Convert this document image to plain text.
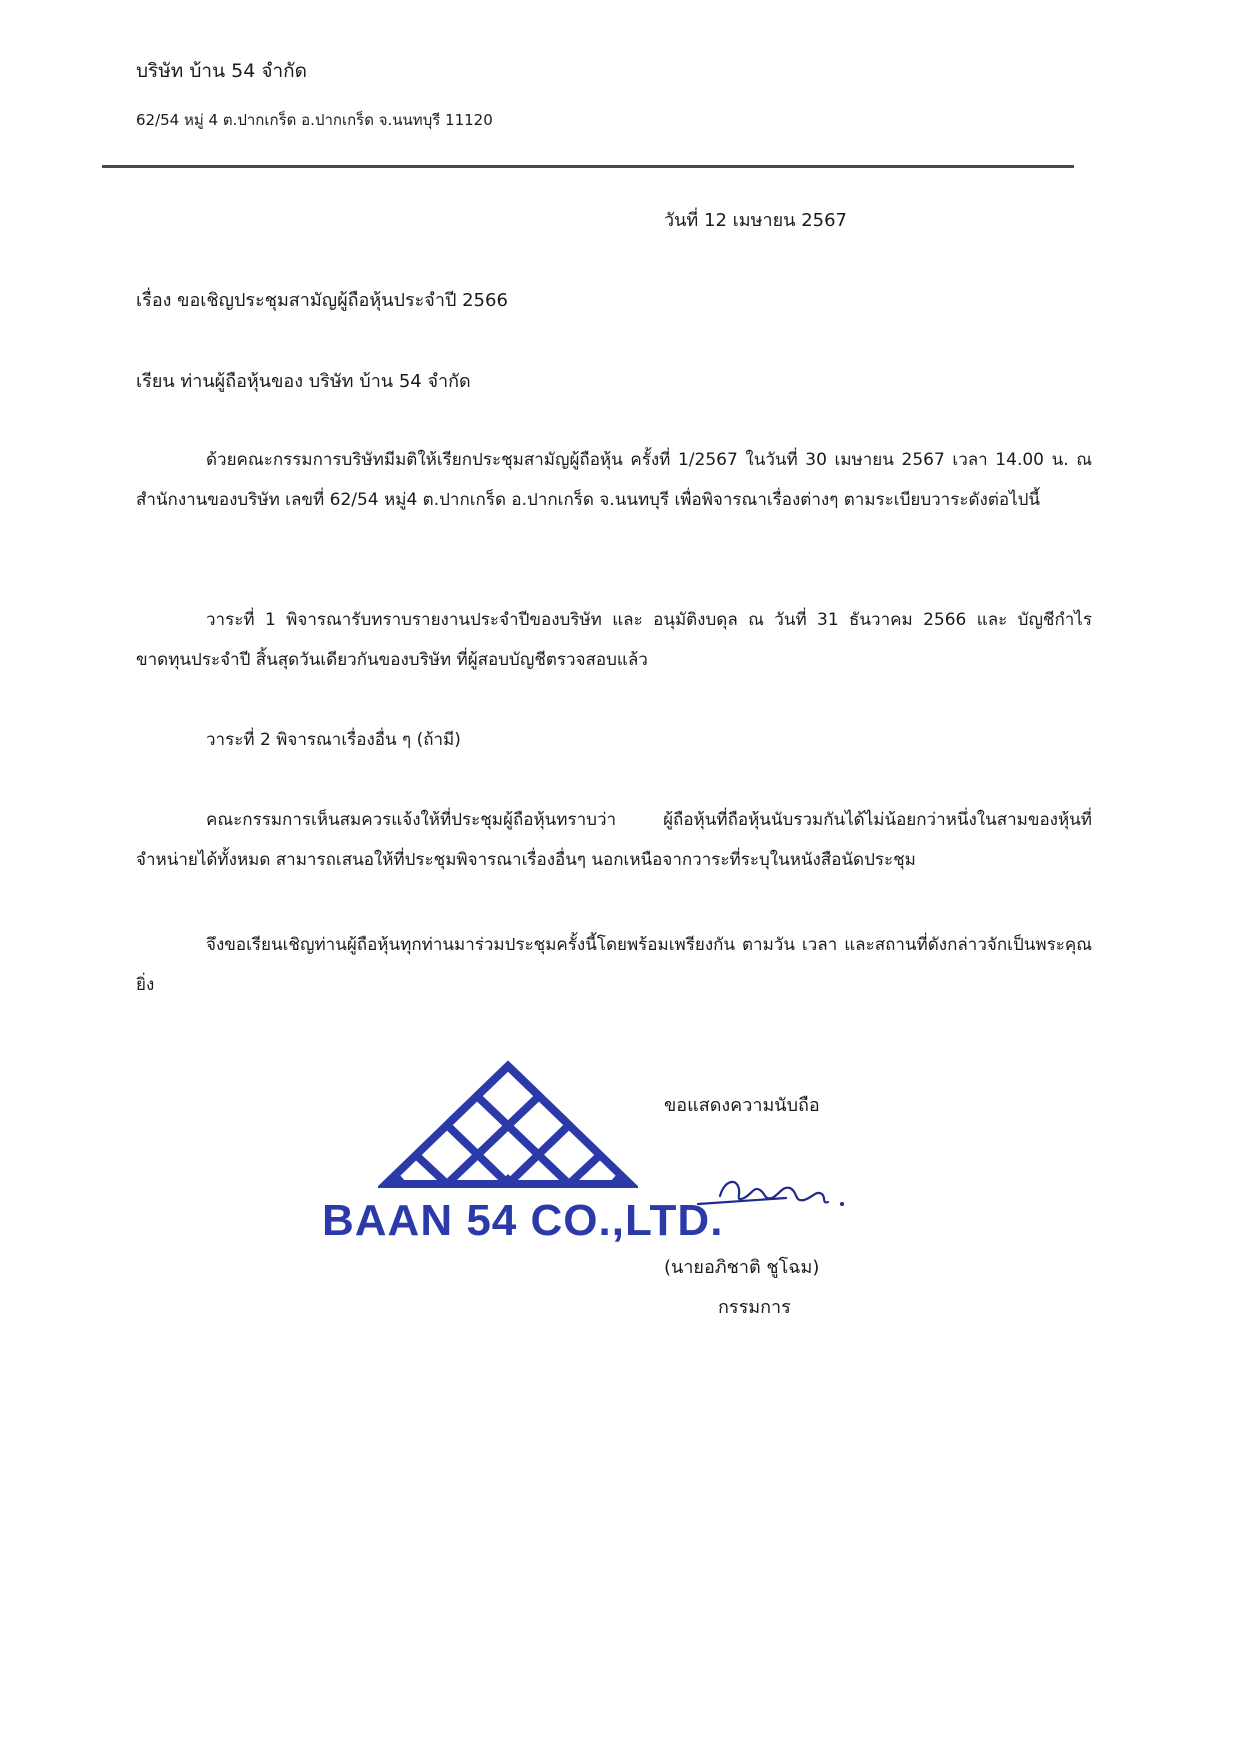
บริษัท บ้าน 54 จำกัด
62/54 หมู่ 4 ต.ปากเกร็ด อ.ปากเกร็ด จ.นนทบุรี 11120
วันที่ 12 เมษายน 2567
เรื่อง ขอเชิญประชุมสามัญผู้ถือหุ้นประจำปี 2566
เรียน ท่านผู้ถือหุ้นของ บริษัท บ้าน 54 จำกัด
ด้วยคณะกรรมการบริษัทมีมติให้เรียกประชุมสามัญผู้ถือหุ้น ครั้งที่ 1/2567 ในวันที่ 30 เมษายน 2567 เวลา 14.00 น. ณ สำนักงานของบริษัท เลขที่ 62/54 หมู่4 ต.ปากเกร็ด อ.ปากเกร็ด จ.นนทบุรี เพื่อพิจารณาเรื่องต่างๆ ตามระเบียบวาระดังต่อไปนี้
วาระที่ 1 พิจารณารับทราบรายงานประจำปีของบริษัท และ อนุมัติงบดุล ณ วันที่ 31 ธันวาคม 2566 และ บัญชีกำไรขาดทุนประจำปี สิ้นสุดวันเดียวกันของบริษัท ที่ผู้สอบบัญชีตรวจสอบแล้ว
วาระที่ 2 พิจารณาเรื่องอื่น ๆ (ถ้ามี)
คณะกรรมการเห็นสมควรแจ้งให้ที่ประชุมผู้ถือหุ้นทราบว่า ผู้ถือหุ้นที่ถือหุ้นนับรวมกันได้ไม่น้อยกว่าหนึ่งในสามของหุ้นที่จำหน่ายได้ทั้งหมด สามารถเสนอให้ที่ประชุมพิจารณาเรื่องอื่นๆ นอกเหนือจากวาระที่ระบุในหนังสือนัดประชุม
จึงขอเรียนเชิญท่านผู้ถือหุ้นทุกท่านมาร่วมประชุมครั้งนี้โดยพร้อมเพรียงกัน ตามวัน เวลา และสถานที่ดังกล่าวจักเป็นพระคุณยิ่ง
BAAN 54 CO.,LTD.
ขอแสดงความนับถือ
(นายอภิชาติ ชูโฉม)
กรรมการ
